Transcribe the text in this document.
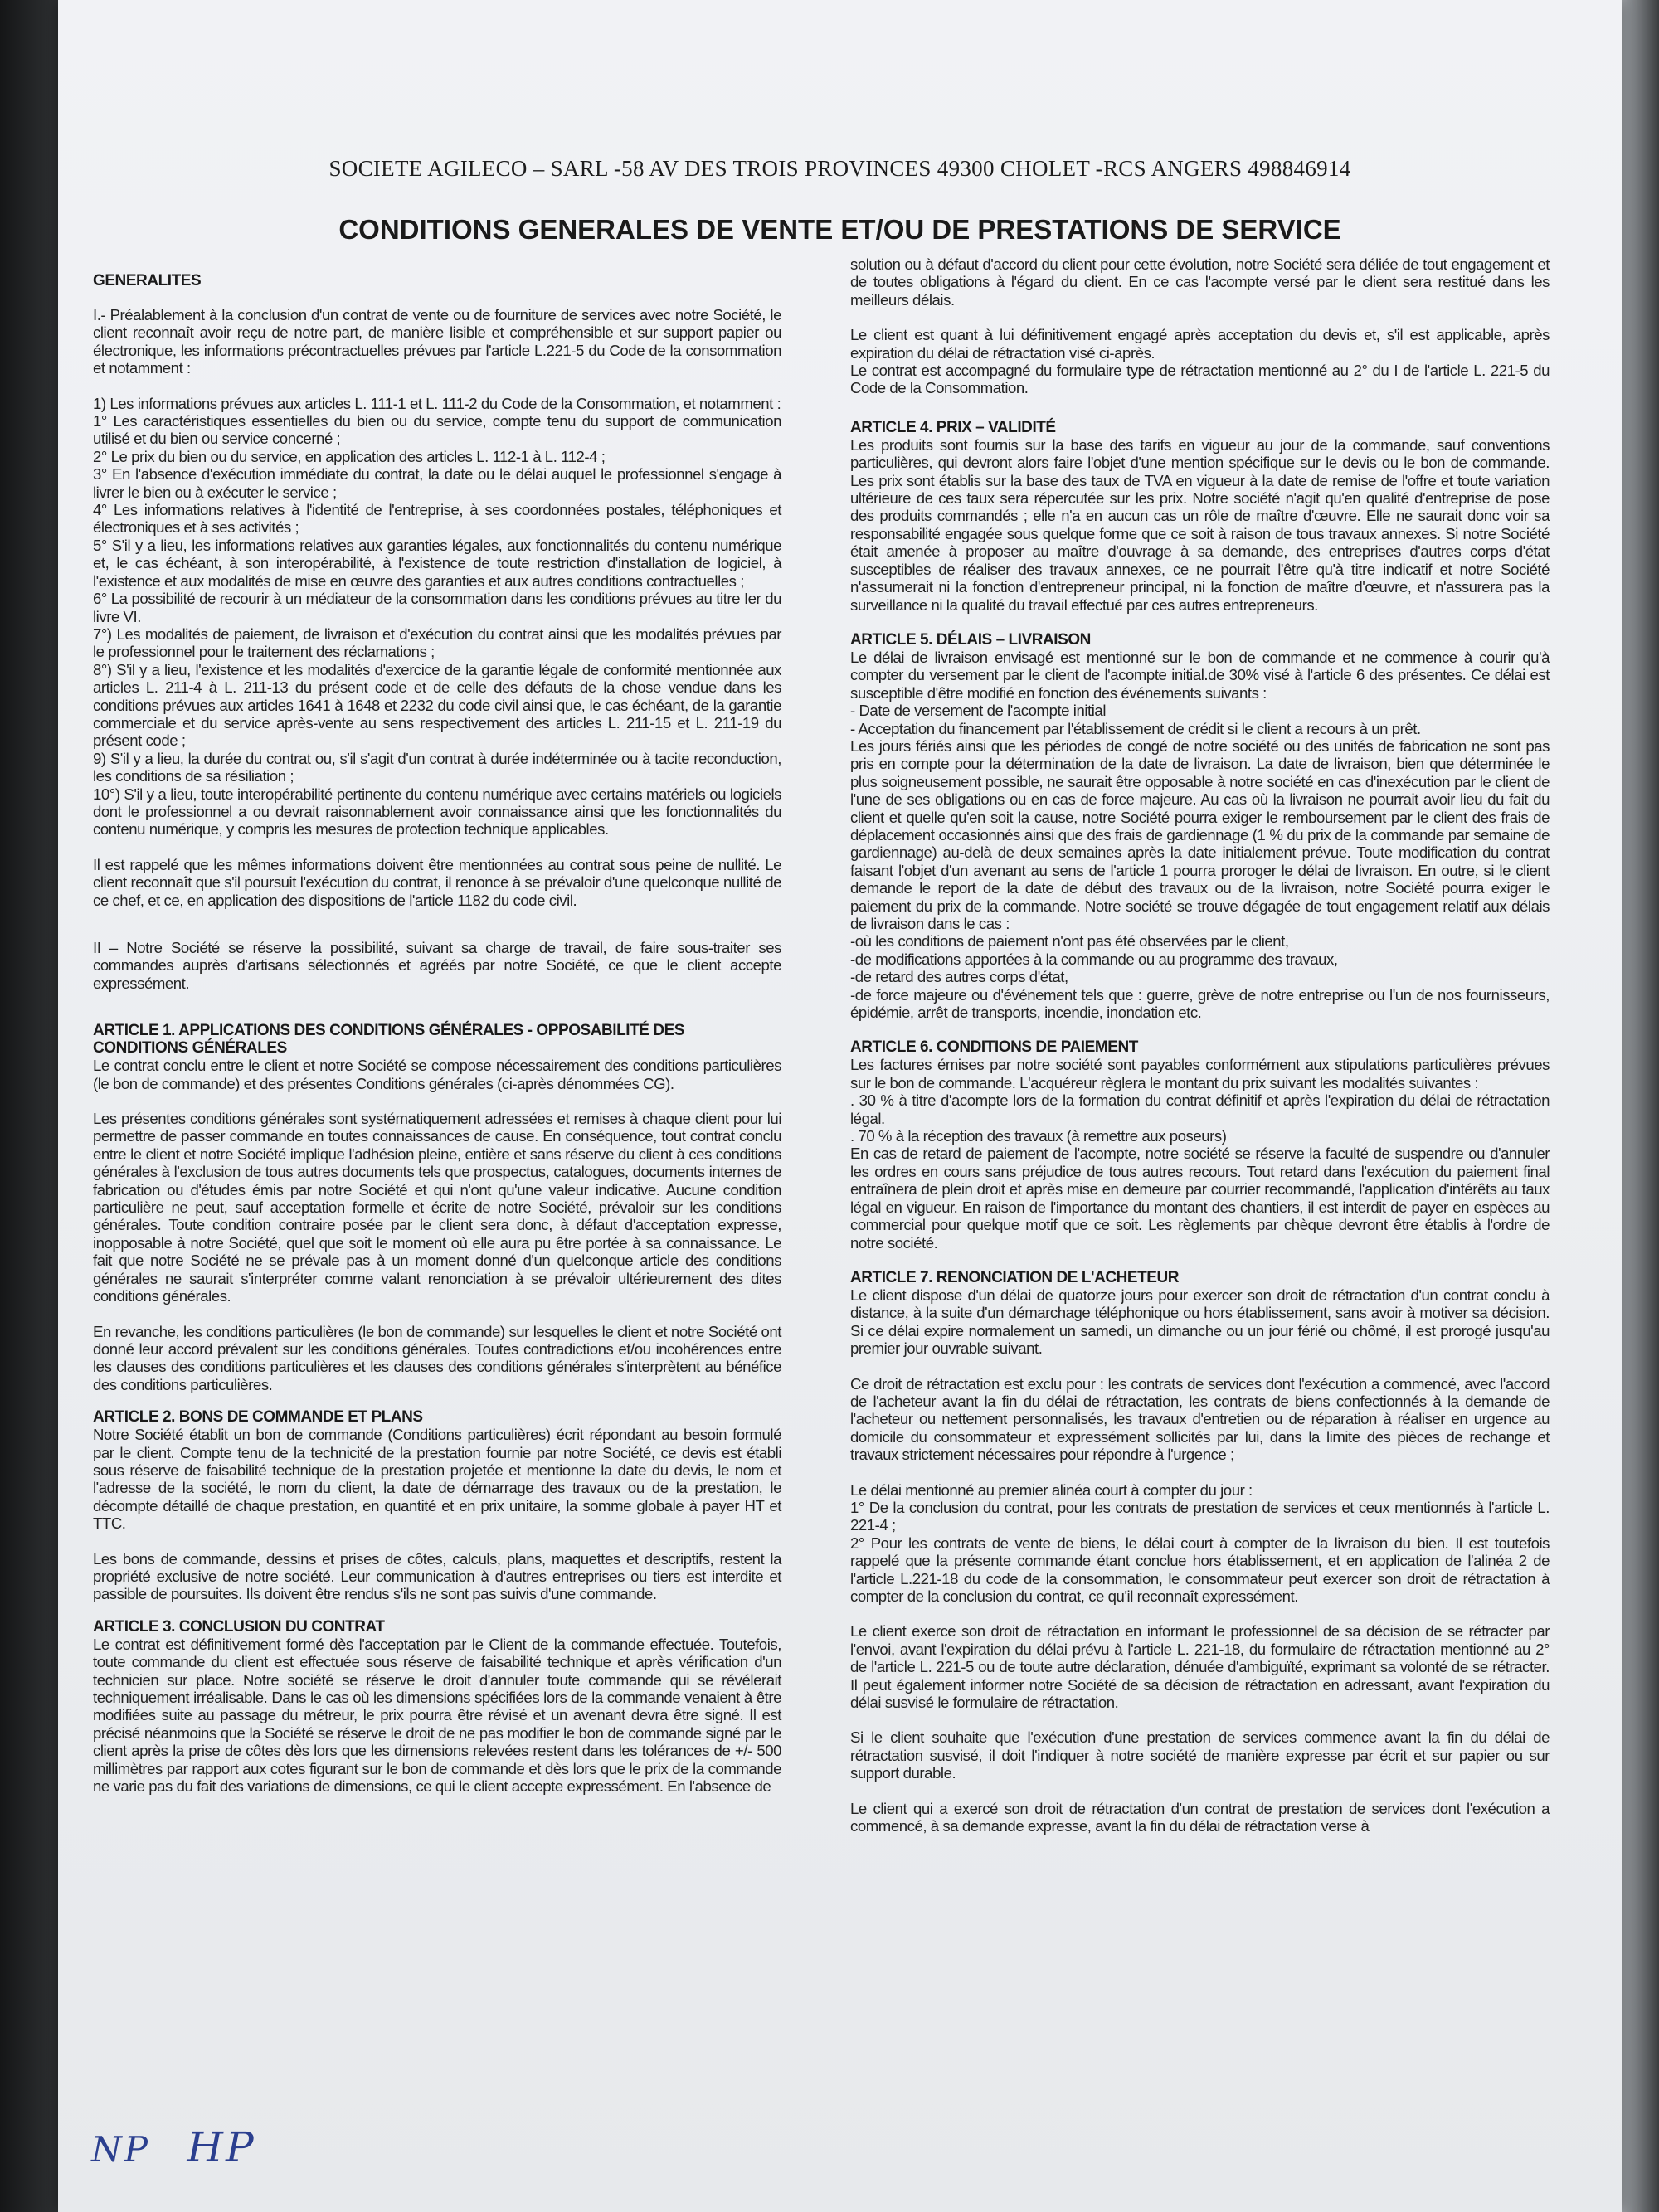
SOCIETE AGILECO – SARL -58 AV DES TROIS PROVINCES 49300 CHOLET -RCS ANGERS 498846914
CONDITIONS GENERALES DE VENTE ET/OU DE PRESTATIONS DE SERVICE
GENERALITES

I.- Préalablement à la conclusion d'un contrat de vente ou de fourniture de services avec notre Société, le client reconnaît avoir reçu de notre part, de manière lisible et compréhensible et sur support papier ou électronique, les informations précontractuelles prévues par l'article L.221-5 du Code de la consommation et notamment :

1) Les informations prévues aux articles L. 111-1 et L. 111-2 du Code de la Consommation, et notamment :

1° Les caractéristiques essentielles du bien ou du service, compte tenu du support de communication utilisé et du bien ou service concerné ;

2° Le prix du bien ou du service, en application des articles L. 112-1 à L. 112-4 ;

3° En l'absence d'exécution immédiate du contrat, la date ou le délai auquel le professionnel s'engage à livrer le bien ou à exécuter le service ;

4° Les informations relatives à l'identité de l'entreprise, à ses coordonnées postales, téléphoniques et électroniques et à ses activités ;

5° S'il y a lieu, les informations relatives aux garanties légales, aux fonctionnalités du contenu numérique et, le cas échéant, à son interopérabilité, à l'existence de toute restriction d'installation de logiciel, à l'existence et aux modalités de mise en œuvre des garanties et aux autres conditions contractuelles ;

6° La possibilité de recourir à un médiateur de la consommation dans les conditions prévues au titre Ier du livre VI.

7°) Les modalités de paiement, de livraison et d'exécution du contrat ainsi que les modalités prévues par le professionnel pour le traitement des réclamations ;

8°) S'il y a lieu, l'existence et les modalités d'exercice de la garantie légale de conformité mentionnée aux articles L. 211-4 à L. 211-13 du présent code et de celle des défauts de la chose vendue dans les conditions prévues aux articles 1641 à 1648 et 2232 du code civil ainsi que, le cas échéant, de la garantie commerciale et du service après-vente au sens respectivement des articles L. 211-15 et L. 211-19 du présent code ;

9) S'il y a lieu, la durée du contrat ou, s'il s'agit d'un contrat à durée indéterminée ou à tacite reconduction, les conditions de sa résiliation ;

10°) S'il y a lieu, toute interopérabilité pertinente du contenu numérique avec certains matériels ou logiciels dont le professionnel a ou devrait raisonnablement avoir connaissance ainsi que les fonctionnalités du contenu numérique, y compris les mesures de protection technique applicables.

Il est rappelé que les mêmes informations doivent être mentionnées au contrat sous peine de nullité. Le client reconnaît que s'il poursuit l'exécution du contrat, il renonce à se prévaloir d'une quelconque nullité de ce chef, et ce, en application des dispositions de l'article 1182 du code civil.

II – Notre Société se réserve la possibilité, suivant sa charge de travail, de faire sous-traiter ses commandes auprès d'artisans sélectionnés et agréés par notre Société, ce que le client accepte expressément.

ARTICLE 1. APPLICATIONS DES CONDITIONS GÉNÉRALES - OPPOSABILITÉ DES CONDITIONS GÉNÉRALES

Le contrat conclu entre le client et notre Société se compose nécessairement des conditions particulières (le bon de commande) et des présentes Conditions générales (ci-après dénommées CG).

Les présentes conditions générales sont systématiquement adressées et remises à chaque client pour lui permettre de passer commande en toutes connaissances de cause. En conséquence, tout contrat conclu entre le client et notre Société implique l'adhésion pleine, entière et sans réserve du client à ces conditions générales à l'exclusion de tous autres documents tels que prospectus, catalogues, documents internes de fabrication ou d'études émis par notre Société et qui n'ont qu'une valeur indicative. Aucune condition particulière ne peut, sauf acceptation formelle et écrite de notre Société, prévaloir sur les conditions générales. Toute condition contraire posée par le client sera donc, à défaut d'acceptation expresse, inopposable à notre Société, quel que soit le moment où elle aura pu être portée à sa connaissance. Le fait que notre Société ne se prévale pas à un moment donné d'un quelconque article des conditions générales ne saurait s'interpréter comme valant renonciation à se prévaloir ultérieurement des dites conditions générales.

En revanche, les conditions particulières (le bon de commande) sur lesquelles le client et notre Société ont donné leur accord prévalent sur les conditions générales. Toutes contradictions et/ou incohérences entre les clauses des conditions particulières et les clauses des conditions générales s'interprètent au bénéfice des conditions particulières.

ARTICLE 2. BONS DE COMMANDE ET PLANS

Notre Société établit un bon de commande (Conditions particulières) écrit répondant au besoin formulé par le client. Compte tenu de la technicité de la prestation fournie par notre Société, ce devis est établi sous réserve de faisabilité technique de la prestation projetée et mentionne la date du devis, le nom et l'adresse de la société, le nom du client, la date de démarrage des travaux ou de la prestation, le décompte détaillé de chaque prestation, en quantité et en prix unitaire, la somme globale à payer HT et TTC.

Les bons de commande, dessins et prises de côtes, calculs, plans, maquettes et descriptifs, restent la propriété exclusive de notre société. Leur communication à d'autres entreprises ou tiers est interdite et passible de poursuites. Ils doivent être rendus s'ils ne sont pas suivis d'une commande.

ARTICLE 3. CONCLUSION DU CONTRAT

Le contrat est définitivement formé dès l'acceptation par le Client de la commande effectuée. Toutefois, toute commande du client est effectuée sous réserve de faisabilité technique et après vérification d'un technicien sur place. Notre société se réserve le droit d'annuler toute commande qui se révélerait techniquement irréalisable. Dans le cas où les dimensions spécifiées lors de la commande venaient à être modifiées suite au passage du métreur, le prix pourra être révisé et un avenant devra être signé. Il est précisé néanmoins que la Société se réserve le droit de ne pas modifier le bon de commande signé par le client après la prise de côtes dès lors que les dimensions relevées restent dans les tolérances de +/- 500 millimètres par rapport aux cotes figurant sur le bon de commande et dès lors que le prix de la commande ne varie pas du fait des variations de dimensions, ce qui le client accepte expressément. En l'absence de

solution ou à défaut d'accord du client pour cette évolution, notre Société sera déliée de tout engagement et de toutes obligations à l'égard du client. En ce cas l'acompte versé par le client sera restitué dans les meilleurs délais.

Le client est quant à lui définitivement engagé après acceptation du devis et, s'il est applicable, après expiration du délai de rétractation visé ci-après.

Le contrat est accompagné du formulaire type de rétractation mentionné au 2° du I de l'article L. 221-5 du Code de la Consommation.

ARTICLE 4. PRIX – VALIDITÉ

Les produits sont fournis sur la base des tarifs en vigueur au jour de la commande, sauf conventions particulières, qui devront alors faire l'objet d'une mention spécifique sur le devis ou le bon de commande. Les prix sont établis sur la base des taux de TVA en vigueur à la date de remise de l'offre et toute variation ultérieure de ces taux sera répercutée sur les prix. Notre société n'agit qu'en qualité d'entreprise de pose des produits commandés ; elle n'a en aucun cas un rôle de maître d'œuvre. Elle ne saurait donc voir sa responsabilité engagée sous quelque forme que ce soit à raison de tous travaux annexes. Si notre Société était amenée à proposer au maître d'ouvrage à sa demande, des entreprises d'autres corps d'état susceptibles de réaliser des travaux annexes, ce ne pourrait l'être qu'à titre indicatif et notre Société n'assumerait ni la fonction d'entrepreneur principal, ni la fonction de maître d'œuvre, et n'assurera pas la surveillance ni la qualité du travail effectué par ces autres entrepreneurs.

ARTICLE 5. DÉLAIS – LIVRAISON

Le délai de livraison envisagé est mentionné sur le bon de commande et ne commence à courir qu'à compter du versement par le client de l'acompte initial.de 30% visé à l'article 6 des présentes. Ce délai est susceptible d'être modifié en fonction des événements suivants :

- Date de versement de l'acompte initial

- Acceptation du financement par l'établissement de crédit si le client a recours à un prêt.

Les jours fériés ainsi que les périodes de congé de notre société ou des unités de fabrication ne sont pas pris en compte pour la détermination de la date de livraison. La date de livraison, bien que déterminée le plus soigneusement possible, ne saurait être opposable à notre société en cas d'inexécution par le client de l'une de ses obligations ou en cas de force majeure. Au cas où la livraison ne pourrait avoir lieu du fait du client et quelle qu'en soit la cause, notre Société pourra exiger le remboursement par le client des frais de déplacement occasionnés ainsi que des frais de gardiennage (1 % du prix de la commande par semaine de gardiennage) au-delà de deux semaines après la date initialement prévue. Toute modification du contrat faisant l'objet d'un avenant au sens de l'article 1 pourra proroger le délai de livraison. En outre, si le client demande le report de la date de début des travaux ou de la livraison, notre Société pourra exiger le paiement du prix de la commande. Notre société se trouve dégagée de tout engagement relatif aux délais de livraison dans le cas :

-où les conditions de paiement n'ont pas été observées par le client,

-de modifications apportées à la commande ou au programme des travaux,

-de retard des autres corps d'état,

-de force majeure ou d'événement tels que : guerre, grève de notre entreprise ou l'un de nos fournisseurs, épidémie, arrêt de transports, incendie, inondation etc.

ARTICLE 6. CONDITIONS DE PAIEMENT

Les factures émises par notre société sont payables conformément aux stipulations particulières prévues sur le bon de commande. L'acquéreur règlera le montant du prix suivant les modalités suivantes :

. 30 % à titre d'acompte lors de la formation du contrat définitif et après l'expiration du délai de rétractation légal.

. 70 % à la réception des travaux (à remettre aux poseurs)

En cas de retard de paiement de l'acompte, notre société se réserve la faculté de suspendre ou d'annuler les ordres en cours sans préjudice de tous autres recours. Tout retard dans l'exécution du paiement final entraînera de plein droit et après mise en demeure par courrier recommandé, l'application d'intérêts au taux légal en vigueur. En raison de l'importance du montant des chantiers, il est interdit de payer en espèces au commercial pour quelque motif que ce soit. Les règlements par chèque devront être établis à l'ordre de notre société.

ARTICLE 7. RENONCIATION DE L'ACHETEUR

Le client dispose d'un délai de quatorze jours pour exercer son droit de rétractation d'un contrat conclu à distance, à la suite d'un démarchage téléphonique ou hors établissement, sans avoir à motiver sa décision. Si ce délai expire normalement un samedi, un dimanche ou un jour férié ou chômé, il est prorogé jusqu'au premier jour ouvrable suivant.

Ce droit de rétractation est exclu pour : les contrats de services dont l'exécution a commencé, avec l'accord de l'acheteur avant la fin du délai de rétractation, les contrats de biens confectionnés à la demande de l'acheteur ou nettement personnalisés, les travaux d'entretien ou de réparation à réaliser en urgence au domicile du consommateur et expressément sollicités par lui, dans la limite des pièces de rechange et travaux strictement nécessaires pour répondre à l'urgence ;

Le délai mentionné au premier alinéa court à compter du jour :

1° De la conclusion du contrat, pour les contrats de prestation de services et ceux mentionnés à l'article L. 221-4 ;

2° Pour les contrats de vente de biens, le délai court à compter de la livraison du bien. Il est toutefois rappelé que la présente commande étant conclue hors établissement, et en application de l'alinéa 2 de l'article L.221-18 du code de la consommation, le consommateur peut exercer son droit de rétractation à compter de la conclusion du contrat, ce qu'il reconnaît expressément.

Le client exerce son droit de rétractation en informant le professionnel de sa décision de se rétracter par l'envoi, avant l'expiration du délai prévu à l'article L. 221-18, du formulaire de rétractation mentionné au 2° de l'article L. 221-5 ou de toute autre déclaration, dénuée d'ambiguïté, exprimant sa volonté de se rétracter. Il peut également informer notre Société de sa décision de rétractation en adressant, avant l'expiration du délai susvisé le formulaire de rétractation.

Si le client souhaite que l'exécution d'une prestation de services commence avant la fin du délai de rétractation susvisé, il doit l'indiquer à notre société de manière expresse par écrit et sur papier ou sur support durable.

Le client qui a exercé son droit de rétractation d'un contrat de prestation de services dont l'exécution a commencé, à sa demande expresse, avant la fin du délai de rétractation verse à

NP HP
